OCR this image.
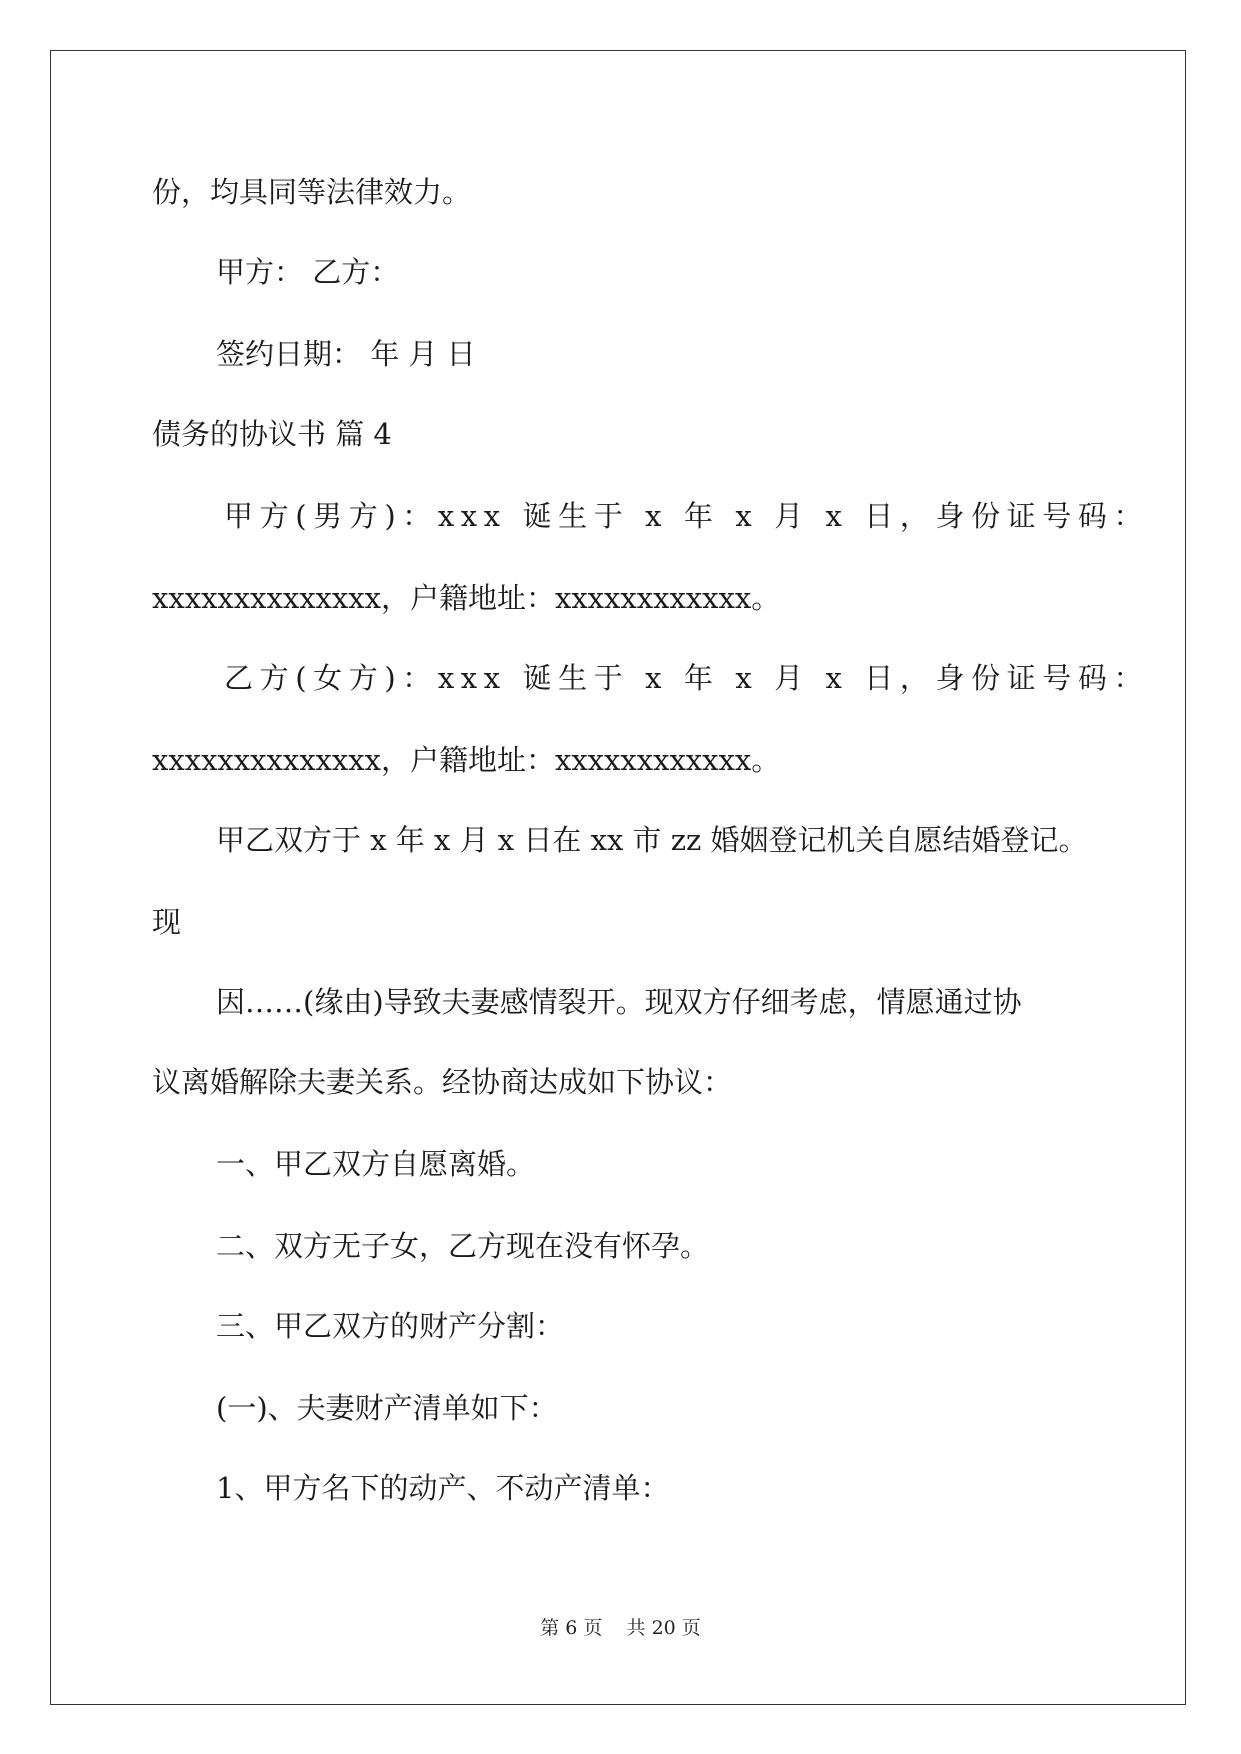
份，均具同等法律效力。
甲方： 乙方：
签约日期： 年 月 日
债务的协议书 篇 4
甲方(男方)：xxx 诞生于 x 年 x 月 x 日，身份证号码：
xxxxxxxxxxxxxx，户籍地址：xxxxxxxxxxxx。
乙方(女方)：xxx 诞生于 x 年 x 月 x 日，身份证号码：
xxxxxxxxxxxxxx，户籍地址：xxxxxxxxxxxx。
甲乙双方于 x 年 x 月 x 日在 xx 市 zz 婚姻登记机关自愿结婚登记。
现
因……(缘由)导致夫妻感情裂开。现双方仔细考虑，情愿通过协
议离婚解除夫妻关系。经协商达成如下协议：
一、甲乙双方自愿离婚。
二、双方无子女，乙方现在没有怀孕。
三、甲乙双方的财产分割：
(一)、夫妻财产清单如下：
1、甲方名下的动产、不动产清单：
第 6 页    共 20 页
